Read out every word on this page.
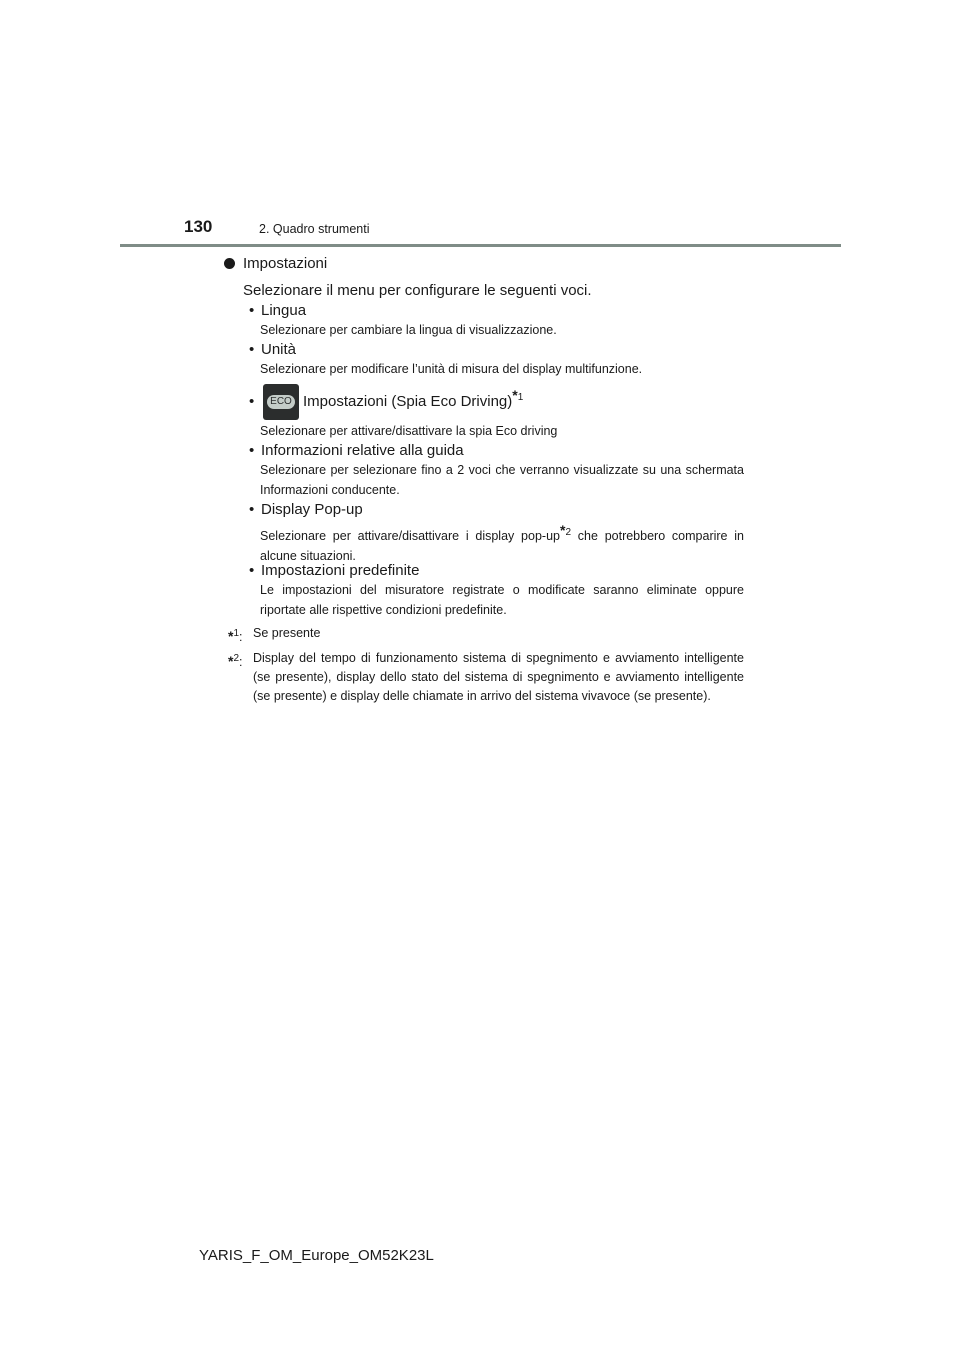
130	2. Quadro strumenti
Impostazioni
Selezionare il menu per configurare le seguenti voci.
• Lingua
Selezionare per cambiare la lingua di visualizzazione.
• Unità
Selezionare per modificare l’unità di misura del display multifunzione.
•	ECO Impostazioni (Spia Eco Driving)$^{*1}$
Selezionare per attivare/disattivare la spia Eco driving
• Informazioni relative alla guida
Selezionare per selezionare fino a 2 voci che verranno visualizzate su una schermata Informazioni conducente.
• Display Pop-up
Selezionare per attivare/disattivare i display pop-$up^{*2}$ che potrebbero comparire in alcune situazioni.
• Impostazioni predefinite
Le impostazioni del misuratore registrate o modificate saranno eliminate oppure riportate alle rispettive condizioni predefinite.
*$^1$: Se presente
*$^2$: Display del tempo di funzionamento sistema di spegnimento e avviamento intelligente (se presente), display dello stato del sistema di spegnimento e avviamento intelligente (se presente) e display delle chiamate in arrivo del sistema vivavoce (se presente).
YARIS_F_OM_Europe_OM52K23L
